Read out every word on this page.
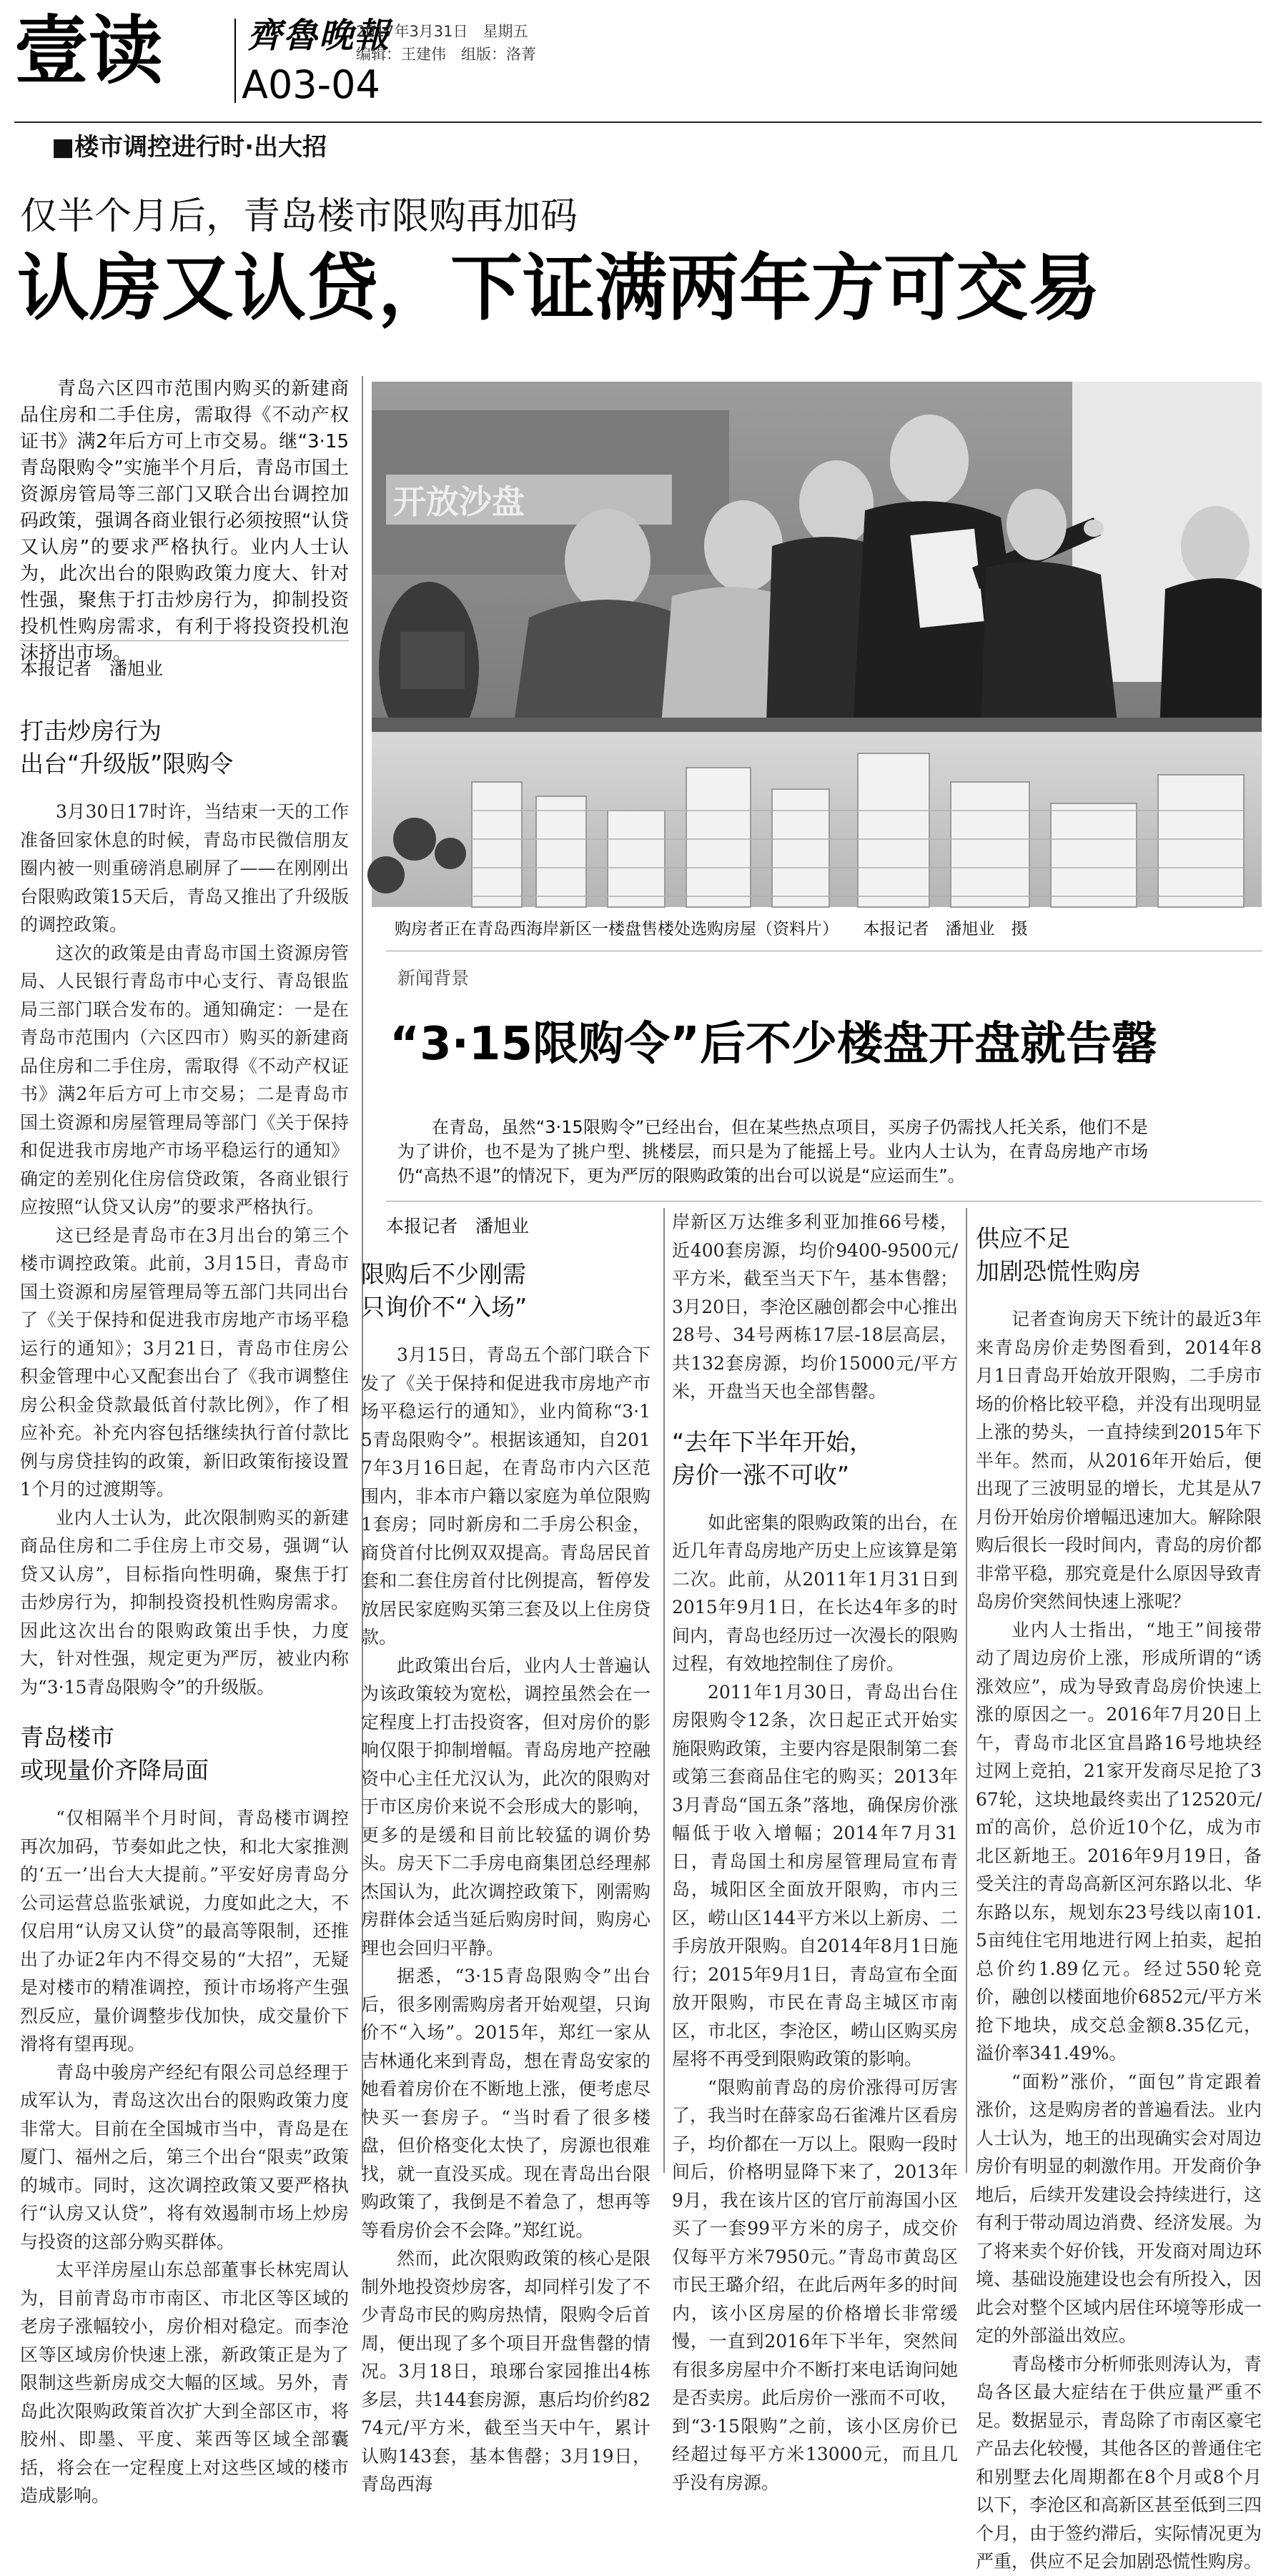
壹读 齊魯晚報
A03-04
2017年3月31日　星期五
编辑：王建伟　组版：洛菁
■楼市调控进行时·出大招
仅半个月后，青岛楼市限购再加码
认房又认贷，下证满两年方可交易

青岛六区四市范围内购买的新建商品住房和二手住房，需取得《不动产权证书》满2年后方可上市交易。继“3·15青岛限购令”实施半个月后，青岛市国土资源房管局等三部门又联合出台调控加码政策，强调各商业银行必须按照“认贷又认房”的要求严格执行。业内人士认为，此次出台的限购政策力度大、针对性强，聚焦于打击炒房行为，抑制投资投机性购房需求，有利于将投资投机泡沫挤出市场。

本报记者　潘旭业

打击炒房行为
出台“升级版”限购令

3月30日17时许，当结束一天的工作准备回家休息的时候，青岛市民微信朋友圈内被一则重磅消息刷屏了——在刚刚出台限购政策15天后，青岛又推出了升级版的调控政策。

这次的政策是由青岛市国土资源房管局、人民银行青岛市中心支行、青岛银监局三部门联合发布的。通知确定：一是在青岛市范围内（六区四市）购买的新建商品住房和二手住房，需取得《不动产权证书》满2年后方可上市交易；二是青岛市国土资源和房屋管理局等部门《关于保持和促进我市房地产市场平稳运行的通知》确定的差别化住房信贷政策，各商业银行应按照“认贷又认房”的要求严格执行。

这已经是青岛市在3月出台的第三个楼市调控政策。此前，3月15日，青岛市国土资源和房屋管理局等五部门共同出台了《关于保持和促进我市房地产市场平稳运行的通知》；3月21日，青岛市住房公积金管理中心又配套出台了《我市调整住房公积金贷款最低首付款比例》，作了相应补充。补充内容包括继续执行首付款比例与房贷挂钩的政策，新旧政策衔接设置1个月的过渡期等。

业内人士认为，此次限制购买的新建商品住房和二手住房上市交易，强调“认贷又认房”，目标指向性明确，聚焦于打击炒房行为，抑制投资投机性购房需求。因此这次出台的限购政策出手快，力度大，针对性强，规定更为严厉，被业内称为“3·15青岛限购令”的升级版。

青岛楼市
或现量价齐降局面

“仅相隔半个月时间，青岛楼市调控再次加码，节奏如此之快，和北大家推测的‘五一’出台大大提前。”平安好房青岛分公司运营总监张斌说，力度如此之大，不仅启用“认房又认贷”的最高等限制，还推出了办证2年内不得交易的“大招”，无疑是对楼市的精准调控，预计市场将产生强烈反应，量价调整步伐加快，成交量价下滑将有望再现。

青岛中骏房产经纪有限公司总经理于成军认为，青岛这次出台的限购政策力度非常大。目前在全国城市当中，青岛是在厦门、福州之后，第三个出台“限卖”政策的城市。同时，这次调控政策又要严格执行“认房又认贷”，将有效遏制市场上炒房与投资的这部分购买群体。

太平洋房屋山东总部董事长林宪周认为，目前青岛市市南区、市北区等区域的老房子涨幅较小，房价相对稳定。而李沧区等区域房价快速上涨，新政策正是为了限制这些新房成交大幅的区域。另外，青岛此次限购政策首次扩大到全部区市，将胶州、即墨、平度、莱西等区域全部囊括，将会在一定程度上对这些区域的楼市造成影响。

开放沙盘
购房者正在青岛西海岸新区一楼盘售楼处选购房屋（资料片）　　本报记者　潘旭业　摄
新闻背景
“3·15限购令”后不少楼盘开盘就告罄

在青岛，虽然“3·15限购令”已经出台，但在某些热点项目，买房子仍需找人托关系，他们不是为了讲价，也不是为了挑户型、挑楼层，而只是为了能摇上号。业内人士认为，在青岛房地产市场仍“高热不退”的情况下，更为严厉的限购政策的出台可以说是“应运而生”。

本报记者　潘旭业

限购后不少刚需
只询价不“入场”

3月15日，青岛五个部门联合下发了《关于保持和促进我市房地产市场平稳运行的通知》，业内简称“3·15青岛限购令”。根据该通知，自2017年3月16日起，在青岛市内六区范围内，非本市户籍以家庭为单位限购1套房；同时新房和二手房公积金，商贷首付比例双双提高。青岛居民首套和二套住房首付比例提高，暂停发放居民家庭购买第三套及以上住房贷款。

此政策出台后，业内人士普遍认为该政策较为宽松，调控虽然会在一定程度上打击投资客，但对房价的影响仅限于抑制增幅。青岛房地产控融资中心主任尤汉认为，此次的限购对于市区房价来说不会形成大的影响，更多的是缓和目前比较猛的调价势头。房天下二手房电商集团总经理郝杰国认为，此次调控政策下，刚需购房群体会适当延后购房时间，购房心理也会回归平静。

据悉，“3·15青岛限购令”出台后，很多刚需购房者开始观望，只询价不“入场”。2015年，郑红一家从吉林通化来到青岛，想在青岛安家的她看着房价在不断地上涨，便考虑尽快买一套房子。“当时看了很多楼盘，但价格变化太快了，房源也很难找，就一直没买成。现在青岛出台限购政策了，我倒是不着急了，想再等等看房价会不会降。”郑红说。

然而，此次限购政策的核心是限制外地投资炒房客，却同样引发了不少青岛市民的购房热情，限购令后首周，便出现了多个项目开盘售罄的情况。3月18日，琅琊台家园推出4栋多层，共144套房源，惠后均价约8274元/平方米，截至当天中午，累计认购143套，基本售罄；3月19日，青岛西海

岸新区万达维多利亚加推66号楼，近400套房源，均价9400-9500元/平方米，截至当天下午，基本售罄；3月20日，李沧区融创都会中心推出28号、34号两栋17层-18层高层，共132套房源，均价15000元/平方米，开盘当天也全部售罄。

“去年下半年开始，
房价一涨不可收”

如此密集的限购政策的出台，在近几年青岛房地产历史上应该算是第二次。此前，从2011年1月31日到2015年9月1日，在长达4年多的时间内，青岛也经历过一次漫长的限购过程，有效地控制住了房价。

2011年1月30日，青岛出台住房限购令12条，次日起正式开始实施限购政策，主要内容是限制第二套或第三套商品住宅的购买；2013年3月青岛“国五条”落地，确保房价涨幅低于收入增幅；2014年7月31日，青岛国土和房屋管理局宣布青岛，城阳区全面放开限购，市内三区，崂山区144平方米以上新房、二手房放开限购。自2014年8月1日施行；2015年9月1日，青岛宣布全面放开限购，市民在青岛主城区市南区，市北区，李沧区，崂山区购买房屋将不再受到限购政策的影响。

“限购前青岛的房价涨得可厉害了，我当时在薛家岛石雀滩片区看房子，均价都在一万以上。限购一段时间后，价格明显降下来了，2013年9月，我在该片区的官厅前海国小区买了一套99平方米的房子，成交价仅每平方米7950元。”青岛市黄岛区市民王璐介绍，在此后两年多的时间内，该小区房屋的价格增长非常缓慢，一直到2016年下半年，突然间有很多房屋中介不断打来电话询问她是否卖房。此后房价一涨而不可收，到“3·15限购”之前，该小区房价已经超过每平方米13000元，而且几乎没有房源。

供应不足
加剧恐慌性购房

记者查询房天下统计的最近3年来青岛房价走势图看到，2014年8月1日青岛开始放开限购，二手房市场的价格比较平稳，并没有出现明显上涨的势头，一直持续到2015年下半年。然而，从2016年开始后，便出现了三波明显的增长，尤其是从7月份开始房价增幅迅速加大。解除限购后很长一段时间内，青岛的房价都非常平稳，那究竟是什么原因导致青岛房价突然间快速上涨呢？

业内人士指出，“地王”间接带动了周边房价上涨，形成所谓的“诱涨效应”，成为导致青岛房价快速上涨的原因之一。2016年7月20日上午，青岛市北区宜昌路16号地块经过网上竞拍，21家开发商尽足抢了367轮，这块地最终卖出了12520元/㎡的高价，总价近10个亿，成为市北区新地王。2016年9月19日，备受关注的青岛高新区河东路以北、华东路以东，规划东23号线以南101.5亩纯住宅用地进行网上拍卖，起拍总价约1.89亿元。经过550轮竞价，融创以楼面地价6852元/平方米抢下地块，成交总金额8.35亿元，溢价率341.49%。

“面粉”涨价，“面包”肯定跟着涨价，这是购房者的普遍看法。业内人士认为，地王的出现确实会对周边房价有明显的刺激作用。开发商价争地后，后续开发建设会持续进行，这有利于带动周边消费、经济发展。为了将来卖个好价钱，开发商对周边环境、基础设施建设也会有所投入，因此会对整个区域内居住环境等形成一定的外部溢出效应。

青岛楼市分析师张则涛认为，青岛各区最大症结在于供应量严重不足。数据显示，青岛除了市南区豪宅产品去化较慢，其他各区的普通住宅和别墅去化周期都在8个月或8个月以下，李沧区和高新区甚至低到三四个月，由于签约滞后，实际情况更为严重，供应不足会加剧恐慌性购房。
